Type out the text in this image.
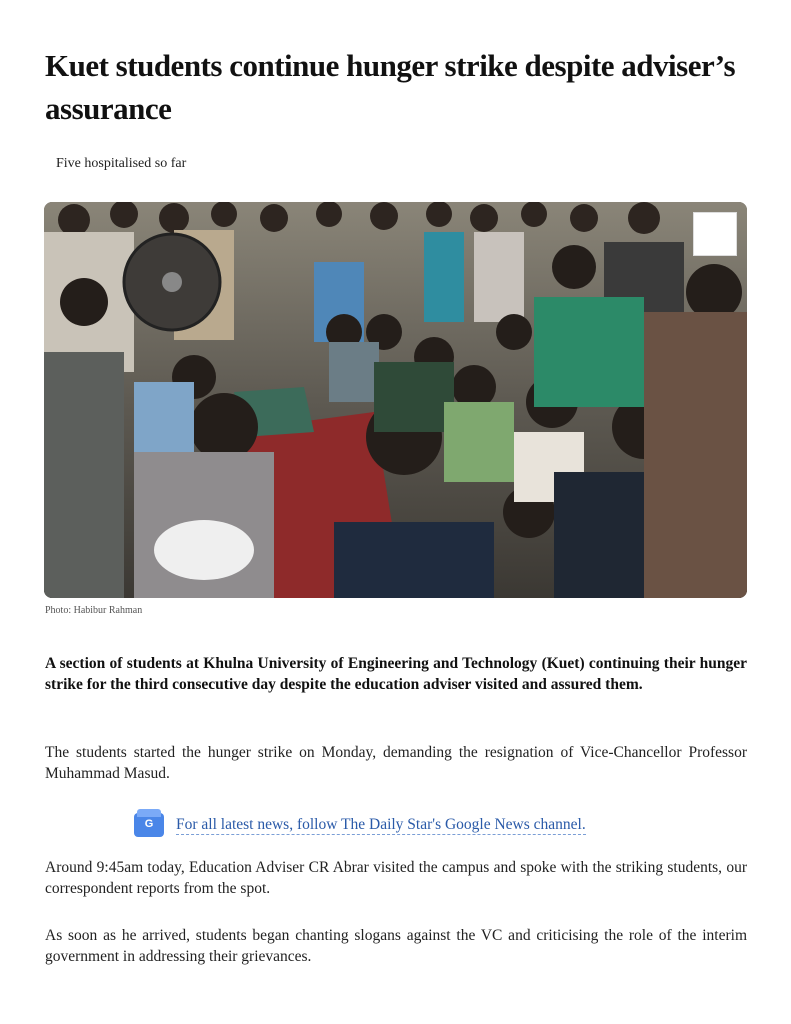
Kuet students continue hunger strike despite adviser’s assurance
Five hospitalised so far
Photo: Habibur Rahman

A section of students at Khulna University of Engineering and Technology (Kuet) continuing their hunger strike for the third consecutive day despite the education adviser visited and assured them.

The students started the hunger strike on Monday, demanding the resignation of Vice-Chancellor Professor Muhammad Masud.

G	For all latest news, follow The Daily Star's Google News channel.

Around 9:45am today, Education Adviser CR Abrar visited the campus and spoke with the striking students, our correspondent reports from the spot.

As soon as he arrived, students began chanting slogans against the VC and criticising the role of the interim government in addressing their grievances.
